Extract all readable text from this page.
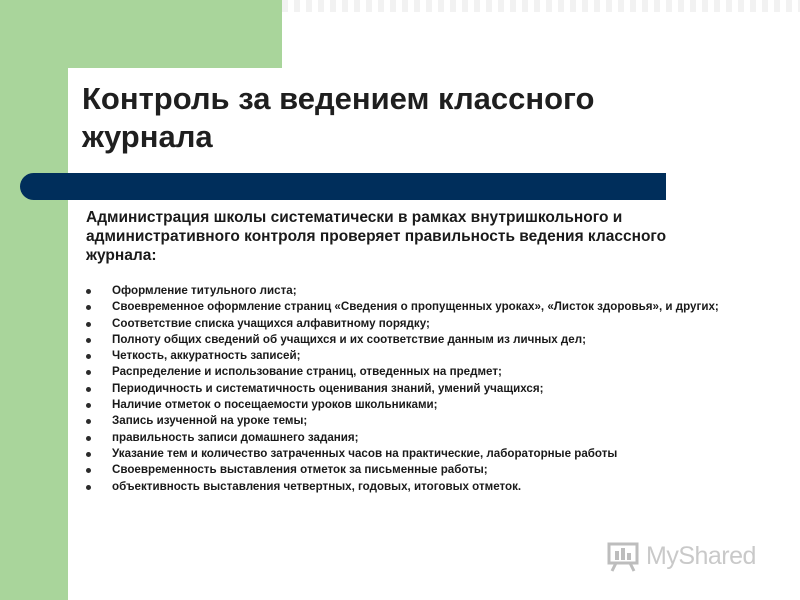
Контроль за ведением классного журнала

Администрация школы систематически в рамках внутришкольного и административного контроля проверяет правильность ведения классного журнала:

Оформление титульного листа;
Своевременное оформление страниц «Сведения о пропущенных уроках», «Листок здоровья», и других;
Соответствие списка учащихся алфавитному порядку;
Полноту общих сведений об учащихся и их соответствие данным из личных дел;
Четкость, аккуратность записей;
Распределение и использование страниц, отведенных на предмет;
Периодичность и систематичность оценивания знаний, умений учащихся;
Наличие отметок о посещаемости уроков школьниками;
Запись изученной на уроке темы;
правильность записи домашнего задания;
Указание тем и количество затраченных часов на практические, лабораторные работы
Своевременность выставления отметок за письменные работы;
объективность выставления четвертных, годовых, итоговых отметок.
MyShared
